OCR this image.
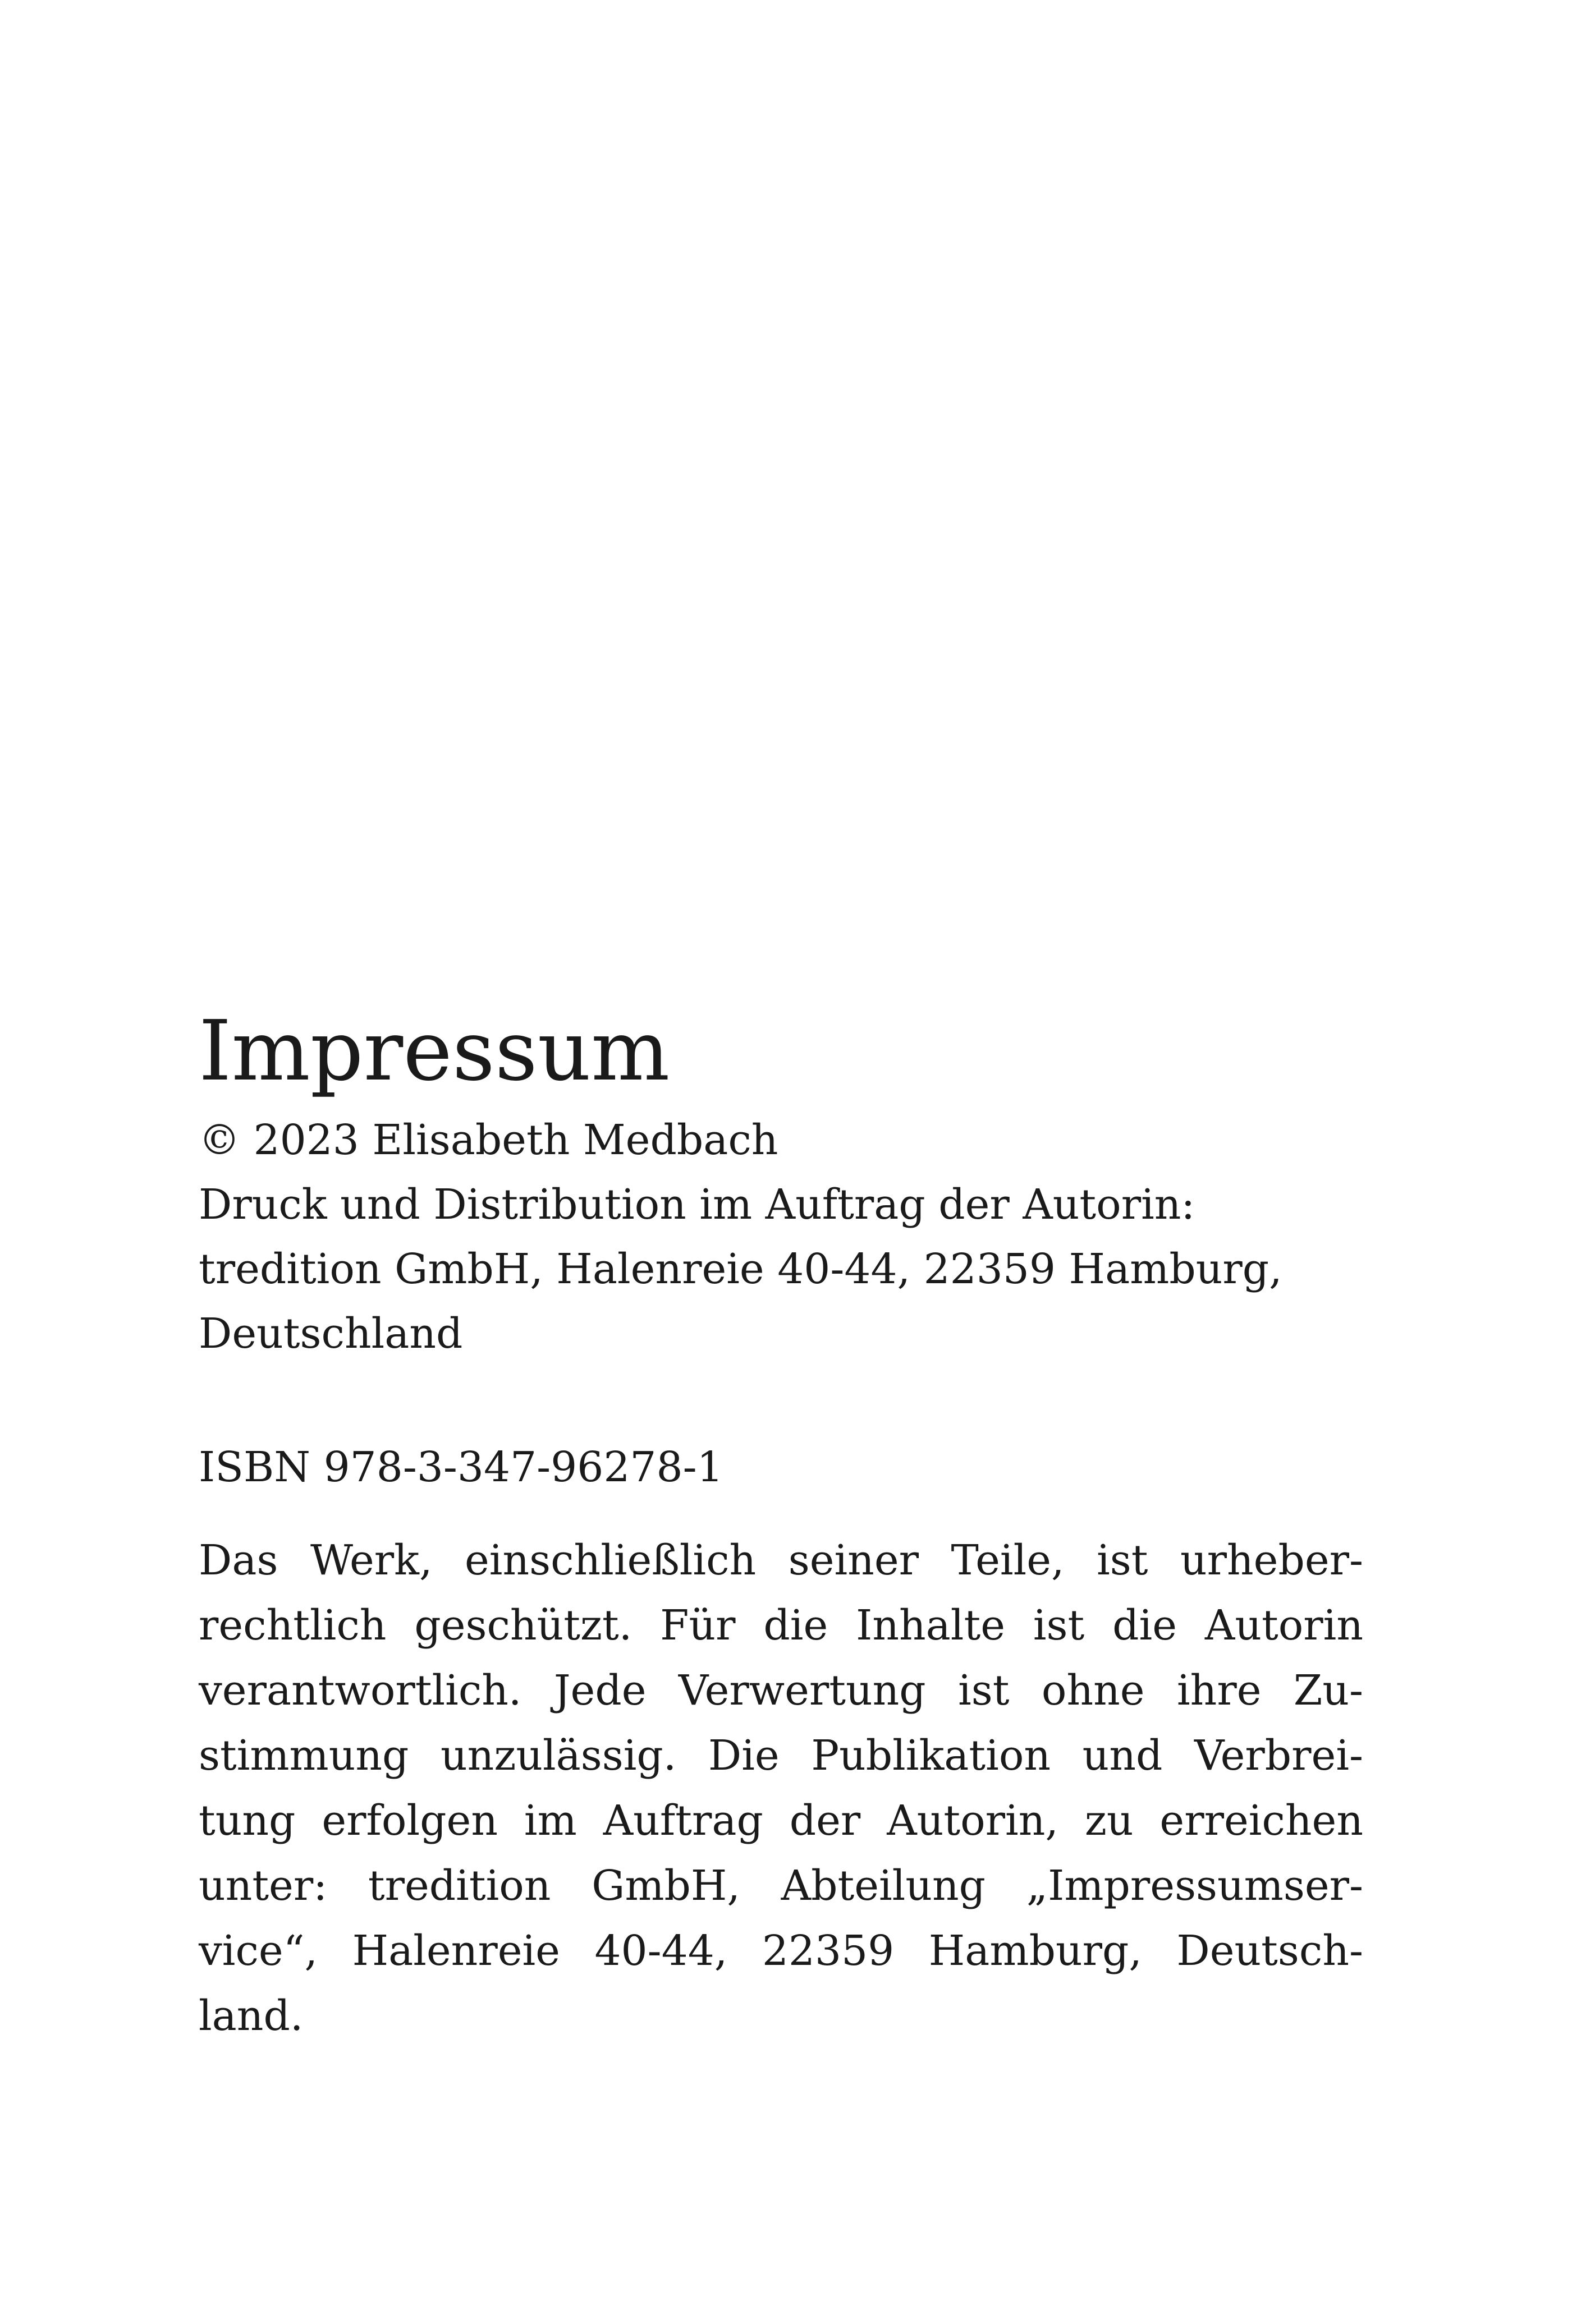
Impressum
© 2023 Elisabeth Medbach
Druck und Distribution im Auftrag der Autorin:
tredition GmbH, Halenreie 40-44, 22359 Hamburg,
Deutschland
ISBN 978-3-347-96278-1
Das Werk, einschließlich seiner Teile, ist urheber-
rechtlich geschützt. Für die Inhalte ist die Autorin
verantwortlich. Jede Verwertung ist ohne ihre Zu-
stimmung unzulässig. Die Publikation und Verbrei-
tung erfolgen im Auftrag der Autorin, zu erreichen
unter: tredition GmbH, Abteilung „Impressumser-
vice“, Halenreie 40-44, 22359 Hamburg, Deutsch-
land.
